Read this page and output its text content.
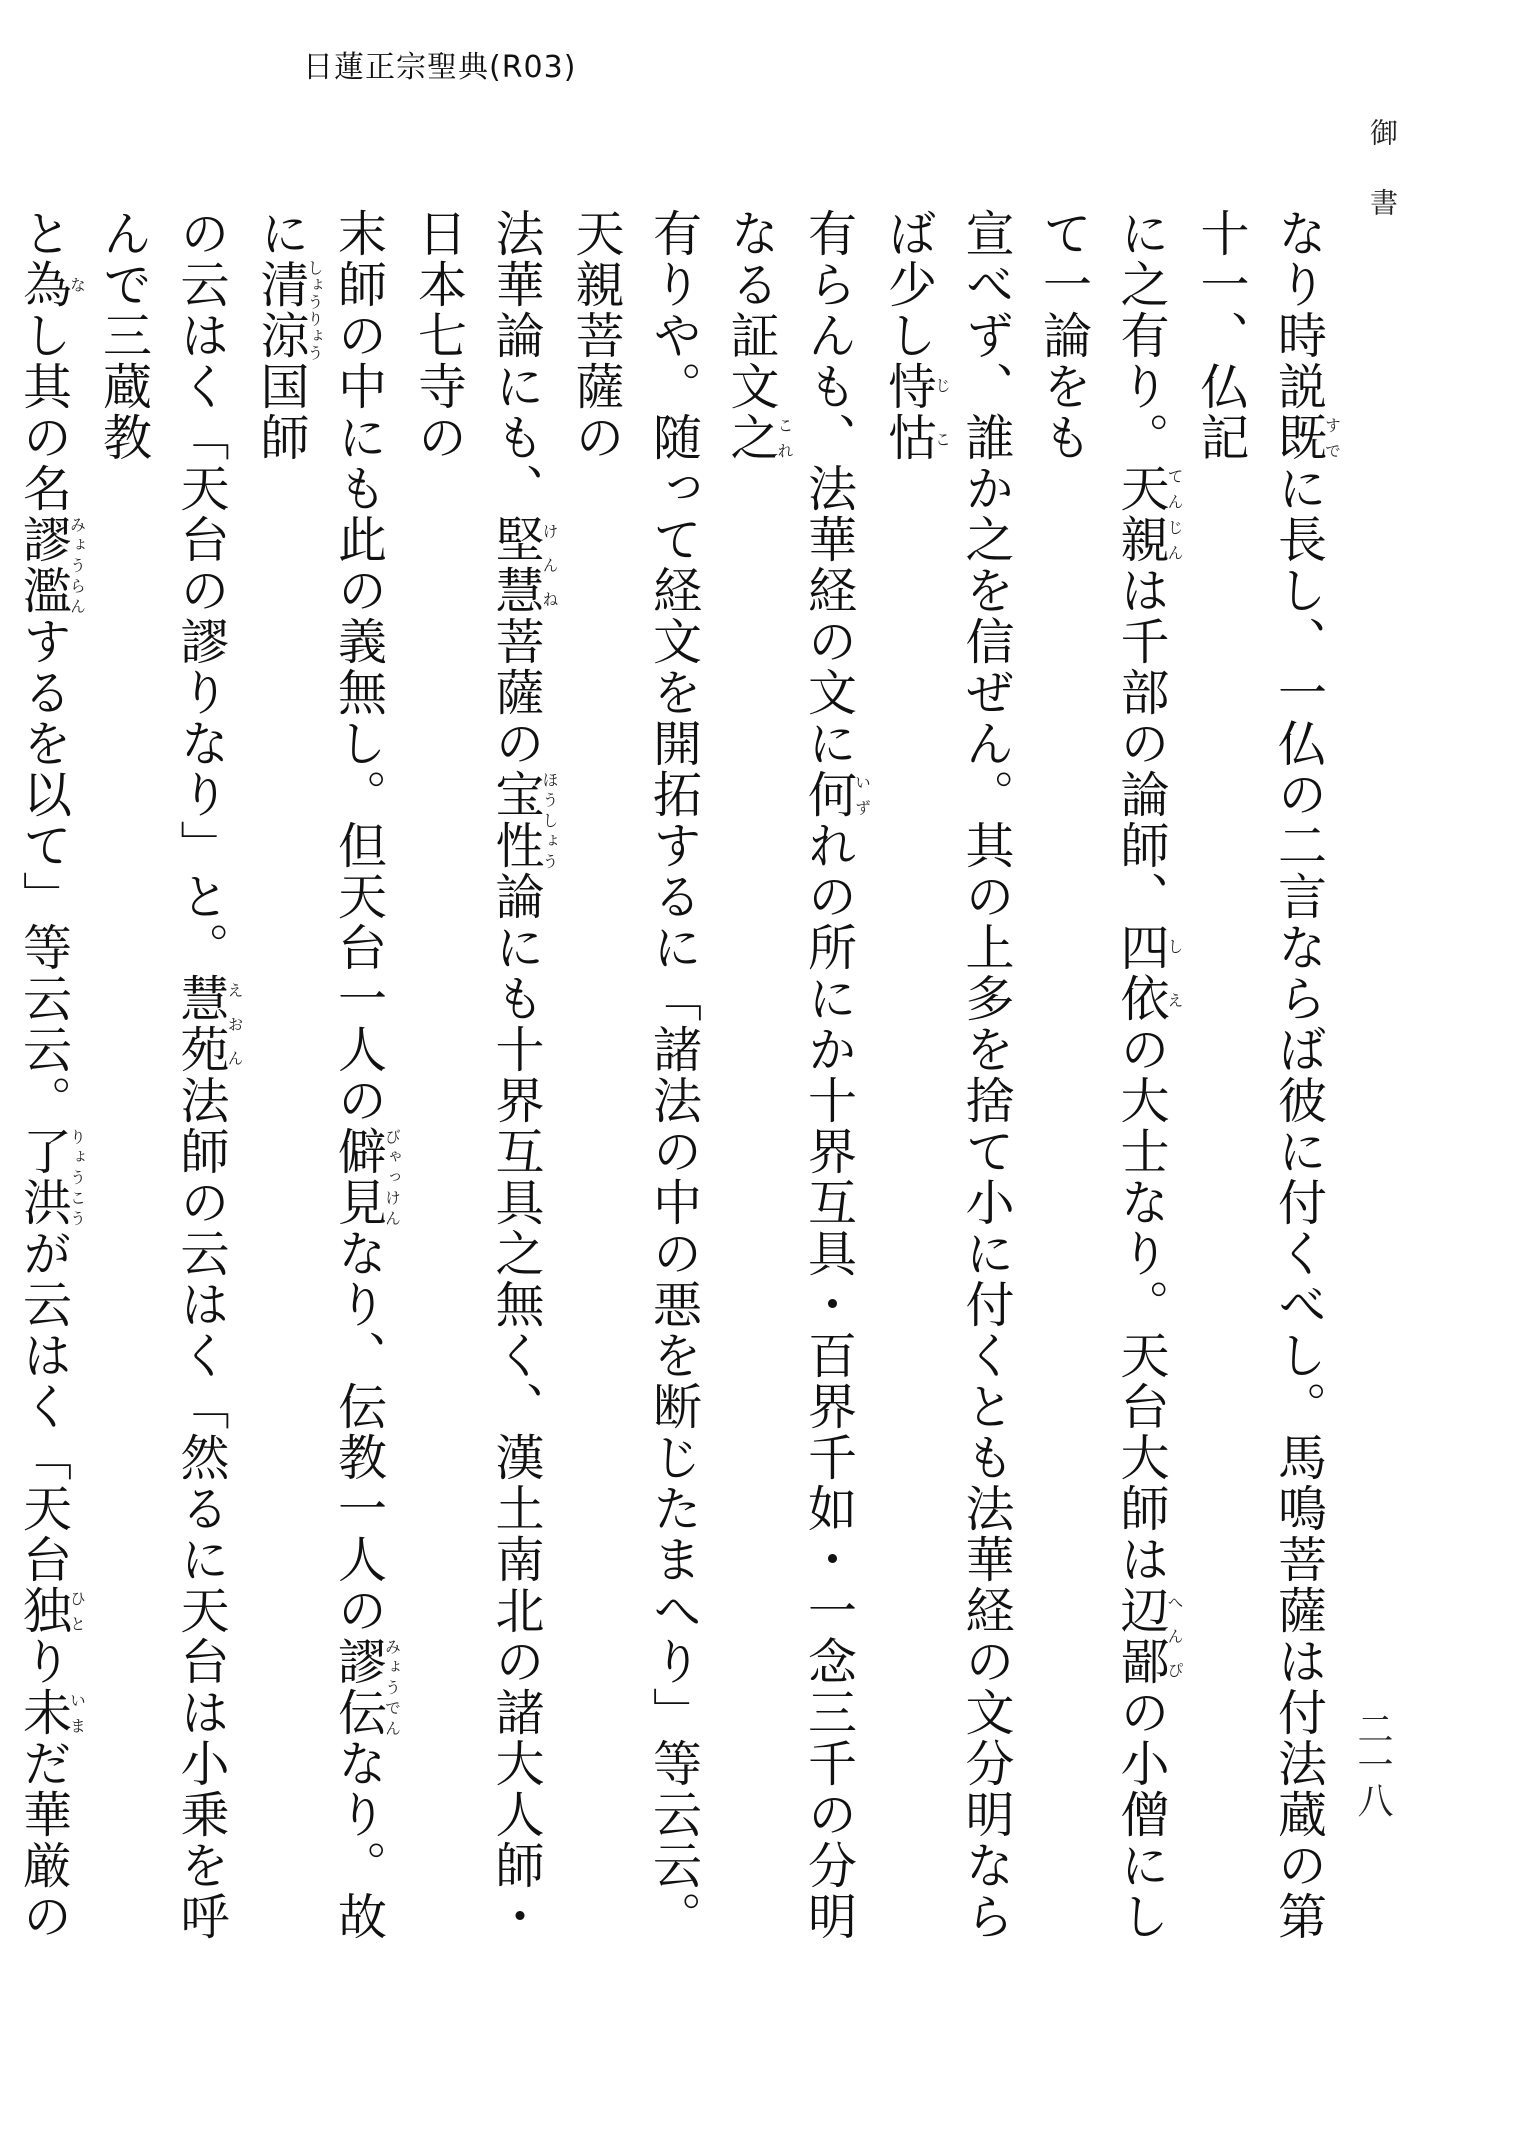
日蓮正宗聖典(R03)
御書
二一八
なり時説既すでに長し、一仏の二言ならば彼に付くべし。馬鳴菩薩は付法蔵の第十一、仏記
に之有り。天親てんじんは千部の論師、四依しえの大士なり。天台大師は辺鄙へんぴの小僧にして一論をも
宣べず、誰か之を信ぜん。其の上多を捨て小に付くとも法華経の文分明ならば少し恃怙じこ
有らんも、法華経の文に何いずれの所にか十界互具・百界千如・一念三千の分明なる証文之これ
有りや。随って経文を開拓するに「諸法の中の悪を断じたまへり」等云云。天親菩薩の
法華論にも、堅慧けんね菩薩の宝性ほうしょう論にも十界互具之無く、漢土南北の諸大人師・日本七寺の
末師の中にも此の義無し。但天台一人の僻見びゃっけんなり、伝教一人の謬伝みょうでんなり。故に清涼しょうりょう国師
の云はく「天台の謬りなり」と。慧苑えおん法師の云はく「然るに天台は小乗を呼んで三蔵教
と為なし其の名謬濫みょうらんするを以て」等云云。了洪りょうこうが云はく「天台独ひとり未いまだ華厳の
